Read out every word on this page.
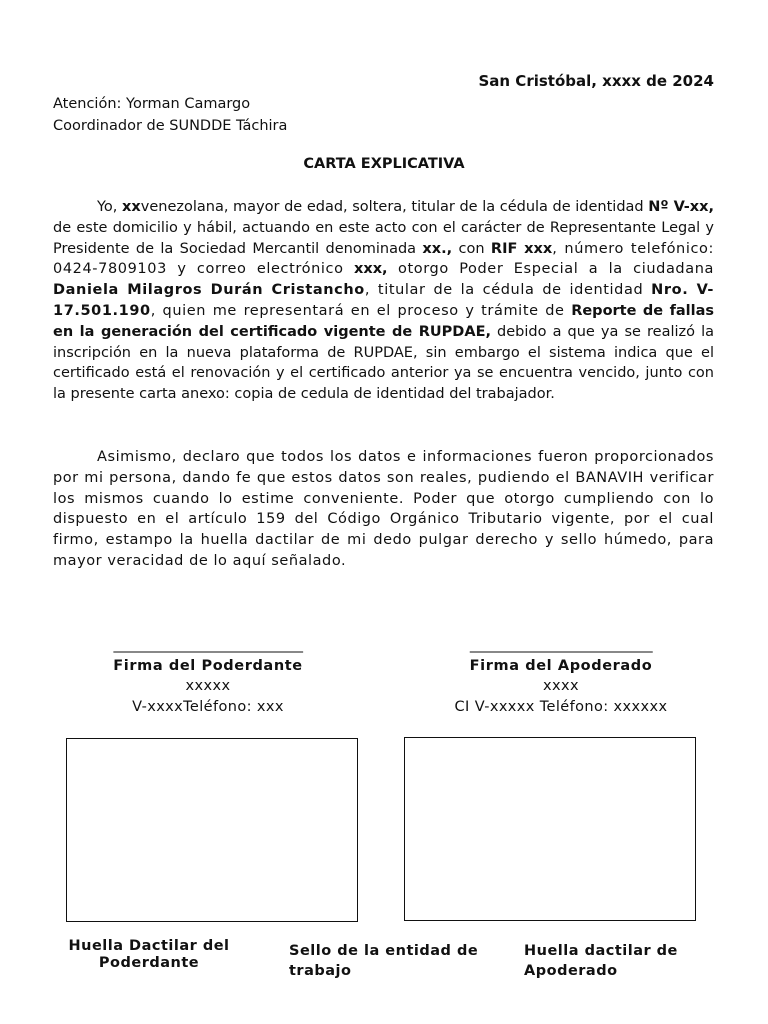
San Cristóbal, xxxx de 2024
Atención: Yorman Camargo
Coordinador de SUNDDE Táchira
CARTA EXPLICATIVA
Yo, xxvenezolana, mayor de edad, soltera, titular de la cédula de identidad Nº V-xx, de este domicilio y hábil, actuando en este acto con el carácter de Representante Legal y Presidente de la Sociedad Mercantil denominada xx., con RIF xxx, número telefónico: 0424-7809103 y correo electrónico xxx, otorgo Poder Especial a la ciudadana Daniela Milagros Durán Cristancho, titular de la cédula de identidad Nro. V-17.501.190, quien me representará en el proceso y trámite de Reporte de fallas en la generación del certificado vigente de RUPDAE, debido a que ya se realizó la inscripción en la nueva plataforma de RUPDAE, sin embargo el sistema indica que el certificado está el renovación y el certificado anterior ya se encuentra vencido, junto con la presente carta anexo: copia de cedula de identidad del trabajador.
Asimismo, declaro que todos los datos e informaciones fueron proporcionados por mi persona, dando fe que estos datos son reales, pudiendo el BANAVIH verificar los mismos cuando lo estime conveniente. Poder que otorgo cumpliendo con lo dispuesto en el artículo 159 del Código Orgánico Tributario vigente, por el cual firmo, estampo la huella dactilar de mi dedo pulgar derecho y sello húmedo, para mayor veracidad de lo aquí señalado.
____________________________
Firma del Poderdante
xxxxx
V-xxxxTeléfono: xxx
___________________________
Firma del Apoderado
xxxx
CI V-xxxxx Teléfono: xxxxxx
Huella Dactilar del Poderdante
Sello de la entidad de trabajo
Huella dactilar de Apoderado
